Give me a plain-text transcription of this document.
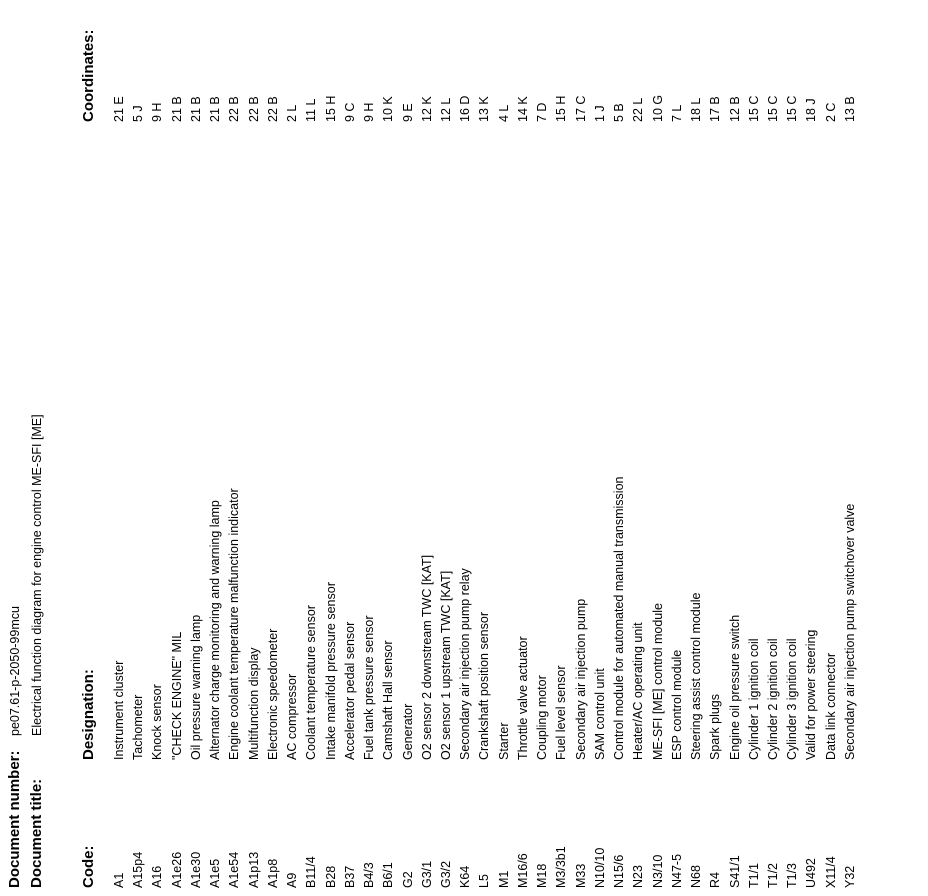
Document number:
pe07.61-p-2050-99mcu
Document title:
Electrical function diagram for engine control ME-SFI [ME]
Code:
Designation:
Coordinates:
A1
Instrument cluster
21 E
A15p4
Tachometer
5 J
A16
Knock sensor
9 H
A1e26
"CHECK ENGINE" MIL
21 B
A1e30
Oil pressure warning lamp
21 B
A1e5
Alternator charge monitoring and warning lamp
21 B
A1e54
Engine coolant temperature malfunction indicator
22 B
A1p13
Multifunction display
22 B
A1p8
Electronic speedometer
22 B
A9
AC compressor
2 L
B11/4
Coolant temperature sensor
11 L
B28
Intake manifold pressure sensor
15 H
B37
Accelerator pedal sensor
9 C
B4/3
Fuel tank pressure sensor
9 H
B6/1
Camshaft Hall sensor
10 K
G2
Generator
9 E
G3/1
O2 sensor 2 downstream TWC [KAT]
12 K
G3/2
O2 sensor 1 upstream TWC [KAT]
12 L
K64
Secondary air injection pump relay
16 D
L5
Crankshaft position sensor
13 K
M1
Starter
4 L
M16/6
Throttle valve actuator
14 K
M18
Coupling motor
7 D
M3/3b1
Fuel level sensor
15 H
M33
Secondary air injection pump
17 C
N10/10
SAM control unit
1 J
N15/6
Control module for automated manual transmission
5 B
N23
Heater/AC operating unit
22 L
N3/10
ME-SFI [ME] control module
10 G
N47-5
ESP control module
7 L
N68
Steering assist control module
18 L
R4
Spark plugs
17 B
S41/1
Engine oil pressure switch
12 B
T1/1
Cylinder 1 ignition coil
15 C
T1/2
Cylinder 2 ignition coil
15 C
T1/3
Cylinder 3 ignition coil
15 C
U492
Valid for power steering
18 J
X11/4
Data link connector
2 C
Y32
Secondary air injection pump switchover valve
13 B
